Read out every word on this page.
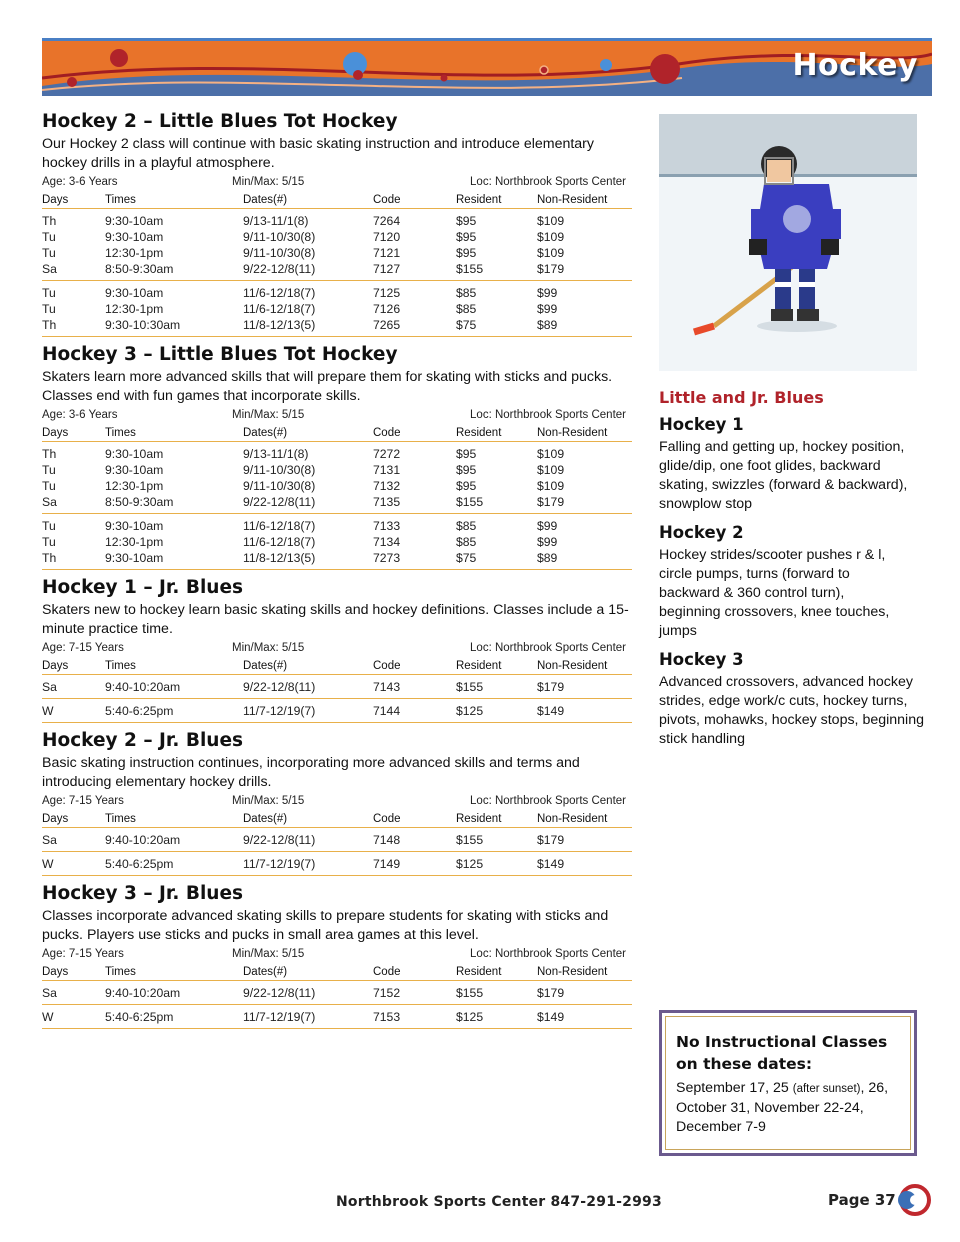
Hockey
Hockey 2 – Little Blues Tot Hockey
Our Hockey 2 class will continue with basic skating instruction and introduce elementary hockey drills in a playful atmosphere.
Age: 3-6 Years	Min/Max: 5/15	Loc: Northbrook Sports Center
Days	Times	Dates(#)	Code	Resident	Non-Resident
Th	9:30-10am	9/13-11/1(8)	7264	$95	$109
Tu	9:30-10am	9/11-10/30(8)	7120	$95	$109
Tu	12:30-1pm	9/11-10/30(8)	7121	$95	$109
Sa	8:50-9:30am	9/22-12/8(11)	7127	$155	$179
Tu	9:30-10am	11/6-12/18(7)	7125	$85	$99
Tu	12:30-1pm	11/6-12/18(7)	7126	$85	$99
Th	9:30-10:30am	11/8-12/13(5)	7265	$75	$89
Hockey 3 – Little Blues Tot Hockey
Skaters learn more advanced skills that will prepare them for skating with sticks and pucks. Classes end with fun games that incorporate skills.
Age: 3-6 Years	Min/Max: 5/15	Loc: Northbrook Sports Center
Days	Times	Dates(#)	Code	Resident	Non-Resident
Th	9:30-10am	9/13-11/1(8)	7272	$95	$109
Tu	9:30-10am	9/11-10/30(8)	7131	$95	$109
Tu	12:30-1pm	9/11-10/30(8)	7132	$95	$109
Sa	8:50-9:30am	9/22-12/8(11)	7135	$155	$179
Tu	9:30-10am	11/6-12/18(7)	7133	$85	$99
Tu	12:30-1pm	11/6-12/18(7)	7134	$85	$99
Th	9:30-10am	11/8-12/13(5)	7273	$75	$89
Hockey 1 – Jr. Blues
Skaters new to hockey learn basic skating skills and hockey definitions. Classes include a 15-minute practice time.
Age: 7-15 Years	Min/Max: 5/15	Loc: Northbrook Sports Center
Days	Times	Dates(#)	Code	Resident	Non-Resident
Sa	9:40-10:20am	9/22-12/8(11)	7143	$155	$179
W	5:40-6:25pm	11/7-12/19(7)	7144	$125	$149
Hockey 2 – Jr. Blues
Basic skating instruction continues, incorporating more advanced skills and terms and introducing elementary hockey drills.
Age: 7-15 Years	Min/Max: 5/15	Loc: Northbrook Sports Center
Days	Times	Dates(#)	Code	Resident	Non-Resident
Sa	9:40-10:20am	9/22-12/8(11)	7148	$155	$179
W	5:40-6:25pm	11/7-12/19(7)	7149	$125	$149
Hockey 3 – Jr. Blues
Classes incorporate advanced skating skills to prepare students for skating with sticks and pucks. Players use sticks and pucks in small area games at this level.
Age: 7-15 Years	Min/Max: 5/15	Loc: Northbrook Sports Center
Days	Times	Dates(#)	Code	Resident	Non-Resident
Sa	9:40-10:20am	9/22-12/8(11)	7152	$155	$179
W	5:40-6:25pm	11/7-12/19(7)	7153	$125	$149
Little and Jr. Blues
Hockey 1
Falling and getting up, hockey position, glide/dip, one foot glides, backward skating, swizzles (forward & backward), snowplow stop
Hockey 2
Hockey strides/scooter pushes r & l, circle pumps, turns (forward to backward & 360 control turn), beginning crossovers, knee touches, jumps
Hockey 3
Advanced crossovers, advanced hockey strides, edge work/c cuts, hockey turns, pivots, mohawks, hockey stops, beginning stick handling
No Instructional Classes
on these dates:
September 17, 25 (after sunset), 26,
October 31, November 22-24,
December 7-9
Northbrook Sports Center 847-291-2993	Page 37
